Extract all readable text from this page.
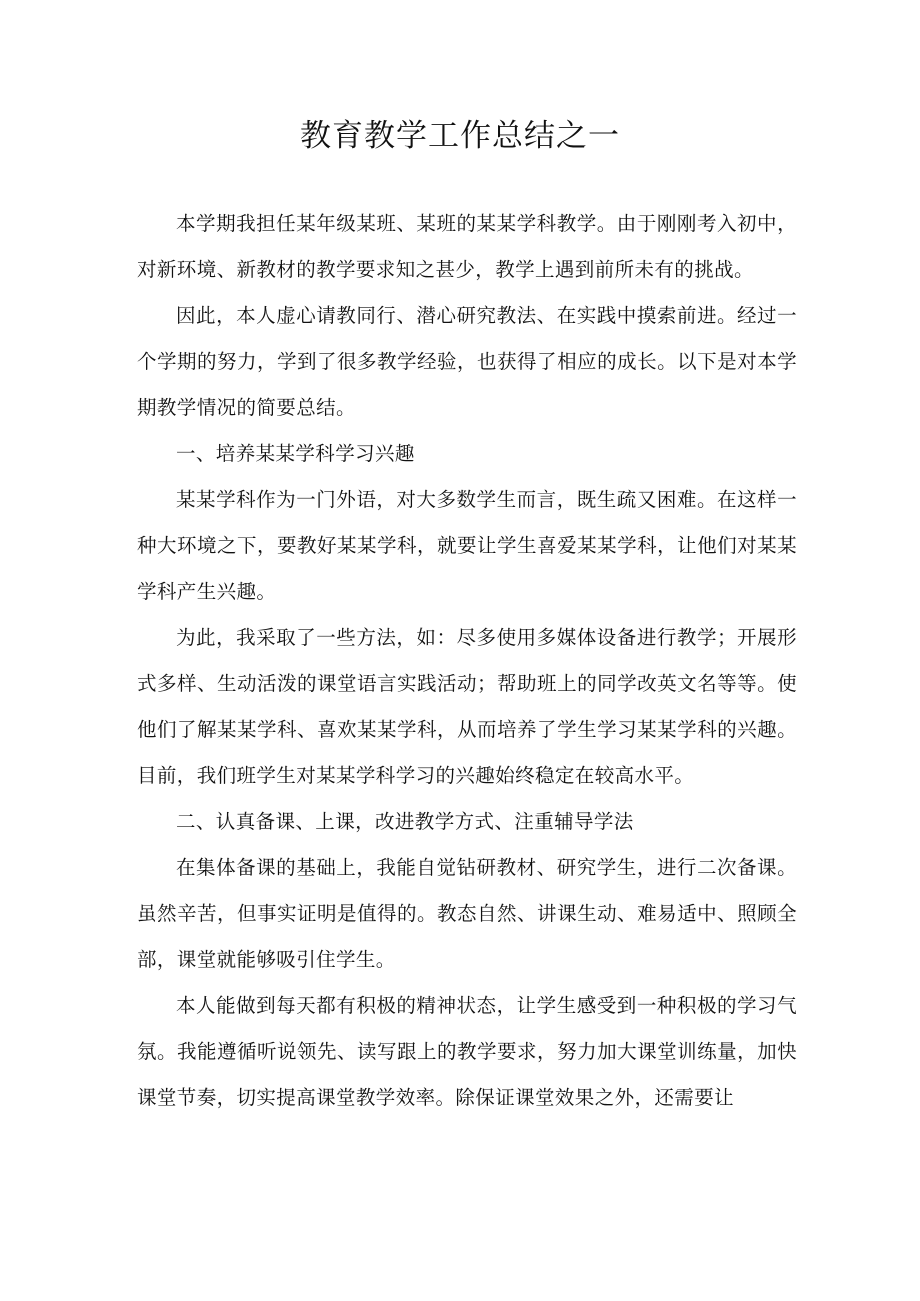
教育教学工作总结之一

本学期我担任某年级某班、某班的某某学科教学。由于刚刚考入初中，对新环境、新教材的教学要求知之甚少，教学上遇到前所未有的挑战。

因此，本人虚心请教同行、潜心研究教法、在实践中摸索前进。经过一个学期的努力，学到了很多教学经验，也获得了相应的成长。以下是对本学期教学情况的简要总结。

一、培养某某学科学习兴趣

某某学科作为一门外语，对大多数学生而言，既生疏又困难。在这样一种大环境之下，要教好某某学科，就要让学生喜爱某某学科，让他们对某某学科产生兴趣。

为此，我采取了一些方法，如：尽多使用多媒体设备进行教学；开展形式多样、生动活泼的课堂语言实践活动；帮助班上的同学改英文名等等。使他们了解某某学科、喜欢某某学科，从而培养了学生学习某某学科的兴趣。目前，我们班学生对某某学科学习的兴趣始终稳定在较高水平。

二、认真备课、上课，改进教学方式、注重辅导学法

在集体备课的基础上，我能自觉钻研教材、研究学生，进行二次备课。虽然辛苦，但事实证明是值得的。教态自然、讲课生动、难易适中、照顾全部，课堂就能够吸引住学生。

本人能做到每天都有积极的精神状态，让学生感受到一种积极的学习气氛。我能遵循听说领先、读写跟上的教学要求，努力加大课堂训练量，加快课堂节奏，切实提高课堂教学效率。除保证课堂效果之外，还需要让
